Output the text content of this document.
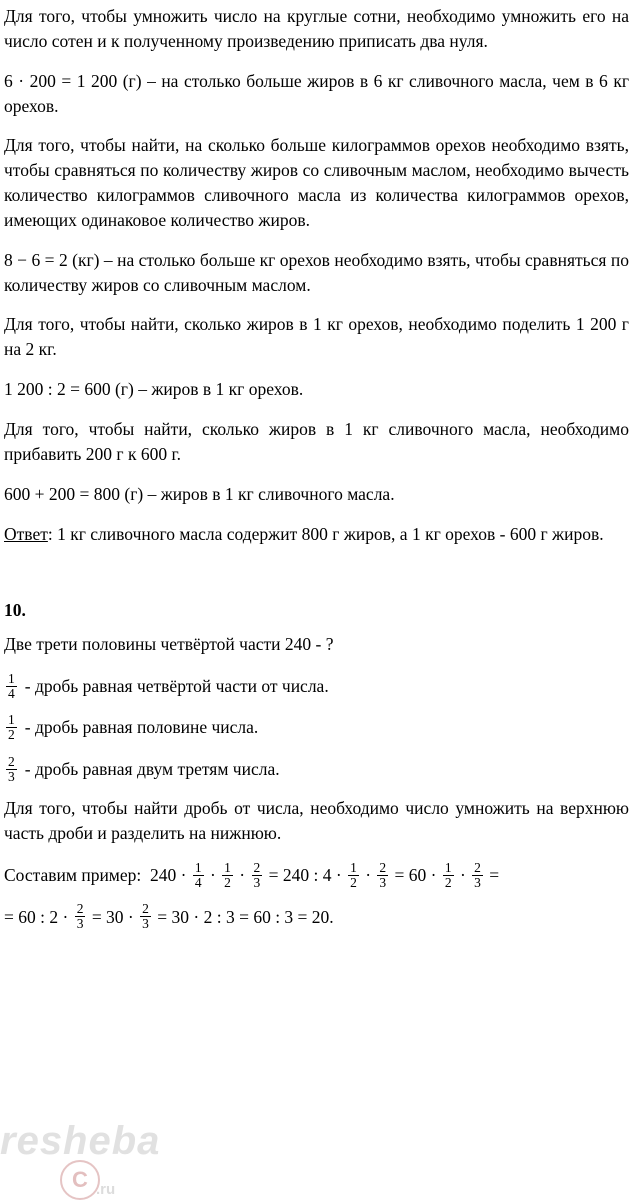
Для того, чтобы умножить число на круглые сотни, необходимо умножить его на число сотен и к полученному произведению приписать два нуля.

6 · 200 = 1 200 (г) – на столько больше жиров в 6 кг сливочного масла, чем в 6 кг орехов.

Для того, чтобы найти, на сколько больше килограммов орехов необходимо взять, чтобы сравняться по количеству жиров со сливочным маслом, необходимо вычесть количество килограммов сливочного масла из количества килограммов орехов, имеющих одинаковое количество жиров.

8 − 6 = 2 (кг) – на столько больше кг орехов необходимо взять, чтобы сравняться по количеству жиров со сливочным маслом.

Для того, чтобы найти, сколько жиров в 1 кг орехов, необходимо поделить 1 200 г на 2 кг.

1 200 : 2 = 600 (г) – жиров в 1 кг орехов.

Для того, чтобы найти, сколько жиров в 1 кг сливочного масла, необходимо прибавить 200 г к 600 г.

600 + 200 = 800 (г) – жиров в 1 кг сливочного масла.

Ответ: 1 кг сливочного масла содержит 800 г жиров, а 1 кг орехов - 600 г жиров.

10.

Две трети половины четвёртой части 240 - ?

$\frac{1}{4}$ - дробь равная четвёртой части от числа.
$\frac{1}{2}$ - дробь равная половине числа.
$\frac{2}{3}$ - дробь равная двум третям числа.

Для того, чтобы найти дробь от числа, необходимо число умножить на верхнюю часть дроби и разделить на нижнюю.

Составим пример:  $240 \cdot \frac{1}{4} \cdot \frac{1}{2} \cdot \frac{2}{3} = 240$ : $4 \cdot \frac{1}{2} \cdot \frac{2}{3} = 60 \cdot \frac{1}{2} \cdot \frac{2}{3}$ =
= 60 : $2 \cdot \frac{2}{3} = 30 \cdot \frac{2}{3} = 30 \cdot 2$ : 3 = 60 : 3 = 20.
resheba
C .ru
